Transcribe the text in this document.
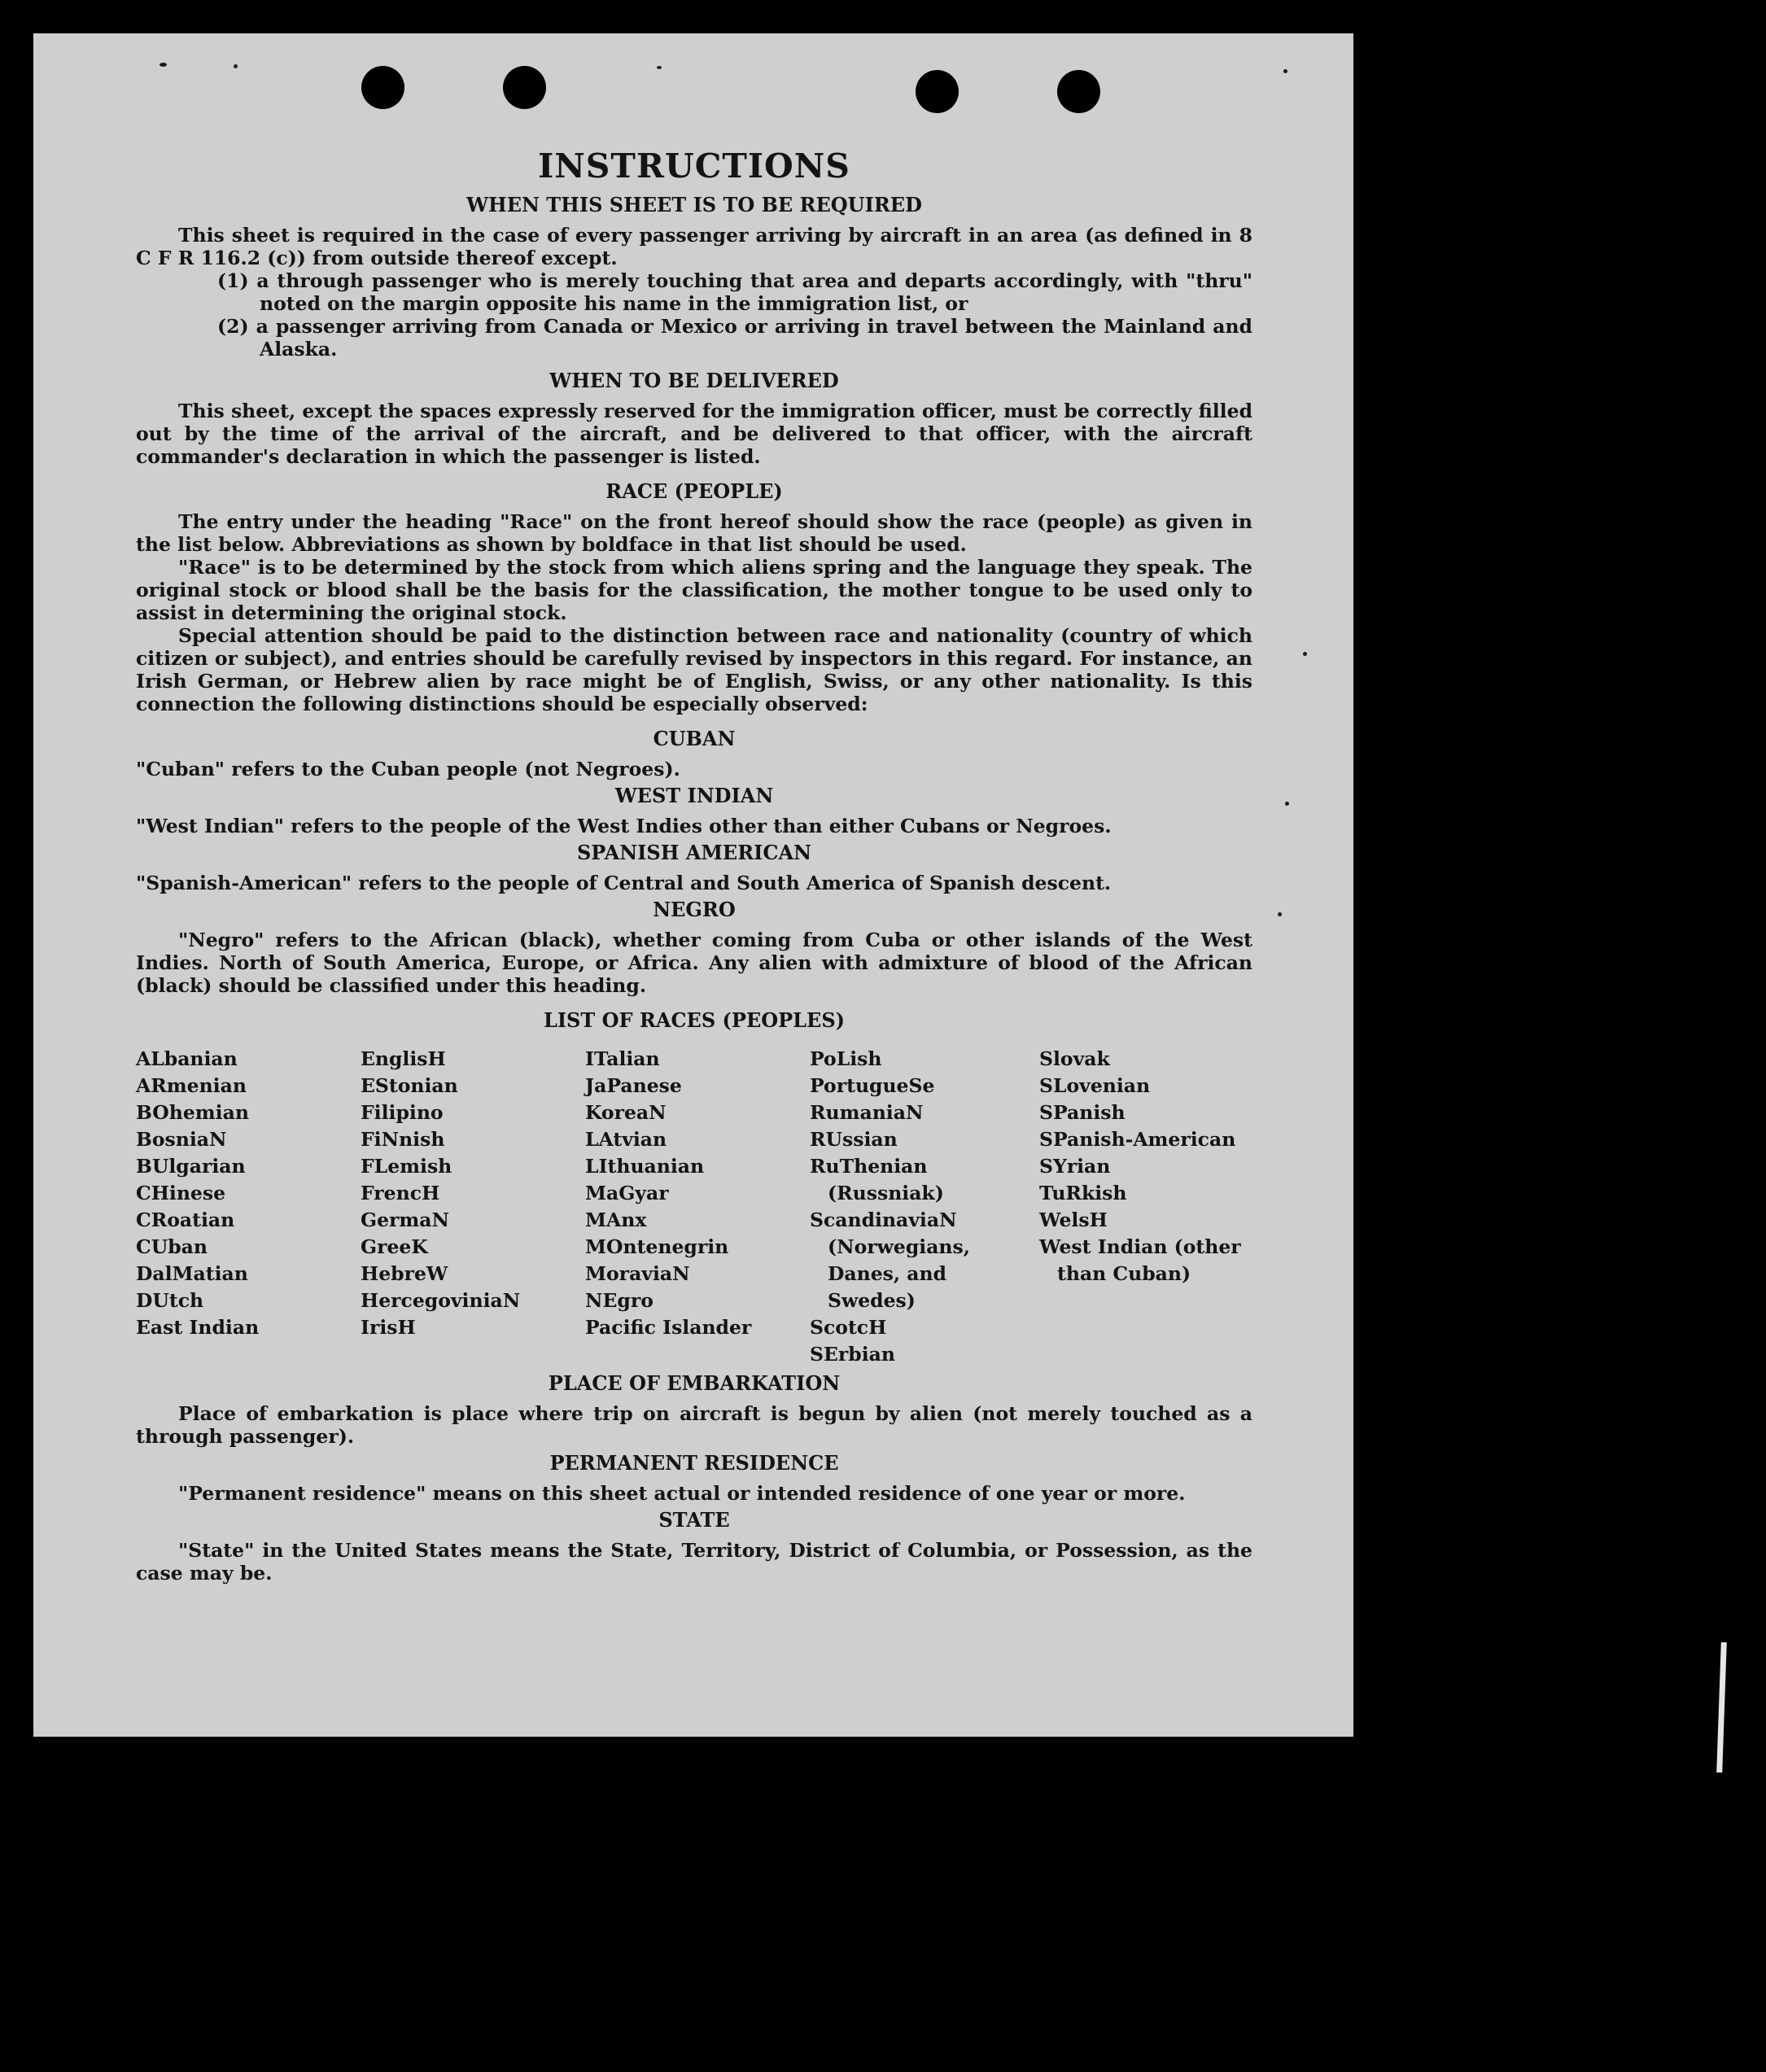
INSTRUCTIONS
WHEN THIS SHEET IS TO BE REQUIRED

This sheet is required in the case of every passenger arriving by aircraft in an area (as defined in 8 C F R 116.2 (c)) from outside thereof except.

(1) a through passenger who is merely touching that area and departs accordingly, with "thru" noted on the margin opposite his name in the immigration list, or

(2) a passenger arriving from Canada or Mexico or arriving in travel between the Mainland and Alaska.

WHEN TO BE DELIVERED

This sheet, except the spaces expressly reserved for the immigration officer, must be correctly filled out by the time of the arrival of the aircraft, and be delivered to that officer, with the aircraft commander's declaration in which the passenger is listed.

RACE (PEOPLE)

The entry under the heading "Race" on the front hereof should show the race (people) as given in the list below. Abbreviations as shown by boldface in that list should be used.

"Race" is to be determined by the stock from which aliens spring and the language they speak. The original stock or blood shall be the basis for the classification, the mother tongue to be used only to assist in determining the original stock.

Special attention should be paid to the distinction between race and nationality (country of which citizen or subject), and entries should be carefully revised by inspectors in this regard. For instance, an Irish German, or Hebrew alien by race might be of English, Swiss, or any other nationality. Is this connection the following distinctions should be especially observed:

CUBAN

"Cuban" refers to the Cuban people (not Negroes).

WEST INDIAN

"West Indian" refers to the people of the West Indies other than either Cubans or Negroes.

SPANISH AMERICAN

"Spanish-American" refers to the people of Central and South America of Spanish descent.

NEGRO

"Negro" refers to the African (black), whether coming from Cuba or other islands of the West Indies. North of South America, Europe, or Africa. Any alien with admixture of blood of the African (black) should be classified under this heading.

LIST OF RACES (PEOPLES)
ALbanian
ARmenian
BOhemian
BosniaN
BUlgarian
CHinese
CRoatian
CUban
DalMatian
DUtch
East Indian
EnglisH
EStonian
Filipino
FiNnish
FLemish
FrencH
GermaN
GreeK
HebreW
HercegoviniaN
IrisH
ITalian
JaPanese
KoreaN
LAtvian
LIthuanian
MaGyar
MAnx
MOntenegrin
MoraviaN
NEgro
Pacific Islander
PoLish
PortugueSe
RumaniaN
RUssian
RuThenian (Russniak)
ScandinaviaN (Norwegians, Danes, and Swedes)
ScotcH
SErbian
Slovak
SLovenian
SPanish
SPanish-American
SYrian
TuRkish
WelsH
West Indian (other than Cuban)
PLACE OF EMBARKATION

Place of embarkation is place where trip on aircraft is begun by alien (not merely touched as a through passenger).

PERMANENT RESIDENCE

"Permanent residence" means on this sheet actual or intended residence of one year or more.

STATE

"State" in the United States means the State, Territory, District of Columbia, or Possession, as the case may be.
